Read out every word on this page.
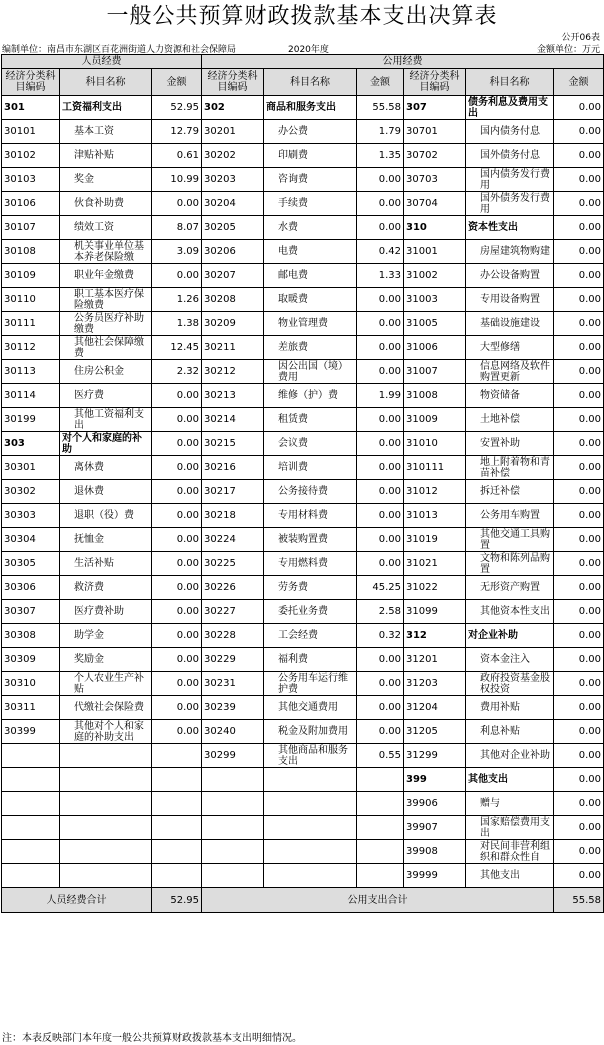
一般公共预算财政拨款基本支出决算表
公开06表
编制单位：南昌市东湖区百花洲街道人力资源和社会保障局	2020年度	金额单位：万元
人员经费			公用经费					
经济分类科目编码	科目名称	金额	经济分类科目编码	科目名称	金额	经济分类科目编码	科目名称	金额
301	工资福利支出	52.95	302	商品和服务支出	55.58	307	债务利息及费用支出	0.00
30101	基本工资	12.79	30201	办公费	1.79	30701	国内债务付息	0.00
30102	津贴补贴	0.61	30202	印刷费	1.35	30702	国外债务付息	0.00
30103	奖金	10.99	30203	咨询费	0.00	30703	国内债务发行费用	0.00
30106	伙食补助费	0.00	30204	手续费	0.00	30704	国外债务发行费用	0.00
30107	绩效工资	8.07	30205	水费	0.00	310	资本性支出	0.00
30108	机关事业单位基本养老保险缴	3.09	30206	电费	0.42	31001	房屋建筑物购建	0.00
30109	职业年金缴费	0.00	30207	邮电费	1.33	31002	办公设备购置	0.00
30110	职工基本医疗保险缴费	1.26	30208	取暖费	0.00	31003	专用设备购置	0.00
30111	公务员医疗补助缴费	1.38	30209	物业管理费	0.00	31005	基础设施建设	0.00
30112	其他社会保障缴费	12.45	30211	差旅费	0.00	31006	大型修缮	0.00
30113	住房公积金	2.32	30212	因公出国（境）费用	0.00	31007	信息网络及软件购置更新	0.00
30114	医疗费	0.00	30213	维修（护）费	1.99	31008	物资储备	0.00
30199	其他工资福利支出	0.00	30214	租赁费	0.00	31009	土地补偿	0.00
303	对个人和家庭的补助	0.00	30215	会议费	0.00	31010	安置补助	0.00
30301	离休费	0.00	30216	培训费	0.00	310111	地上附着物和青苗补偿	0.00
30302	退休费	0.00	30217	公务接待费	0.00	31012	拆迁补偿	0.00
30303	退职（役）费	0.00	30218	专用材料费	0.00	31013	公务用车购置	0.00
30304	抚恤金	0.00	30224	被装购置费	0.00	31019	其他交通工具购置	0.00
30305	生活补贴	0.00	30225	专用燃料费	0.00	31021	文物和陈列品购置	0.00
30306	救济费	0.00	30226	劳务费	45.25	31022	无形资产购置	0.00
30307	医疗费补助	0.00	30227	委托业务费	2.58	31099	其他资本性支出	0.00
30308	助学金	0.00	30228	工会经费	0.32	312	对企业补助	0.00
30309	奖励金	0.00	30229	福利费	0.00	31201	资本金注入	0.00
30310	个人农业生产补贴	0.00	30231	公务用车运行维护费	0.00	31203	政府投资基金股权投资	0.00
30311	代缴社会保险费	0.00	30239	其他交通费用	0.00	31204	费用补贴	0.00
30399	其他对个人和家庭的补助支出	0.00	30240	税金及附加费用	0.00	31205	利息补贴	0.00
			30299	其他商品和服务支出	0.55	31299	其他对企业补助	0.00
						399	其他支出	0.00
						39906	赠与	0.00
						39907	国家赔偿费用支出	0.00
						39908	对民间非营利组织和群众性自	0.00
						39999	其他支出	0.00
人员经费合计		52.95	公用支出合计					55.58
注：本表反映部门本年度一般公共预算财政拨款基本支出明细情况。
